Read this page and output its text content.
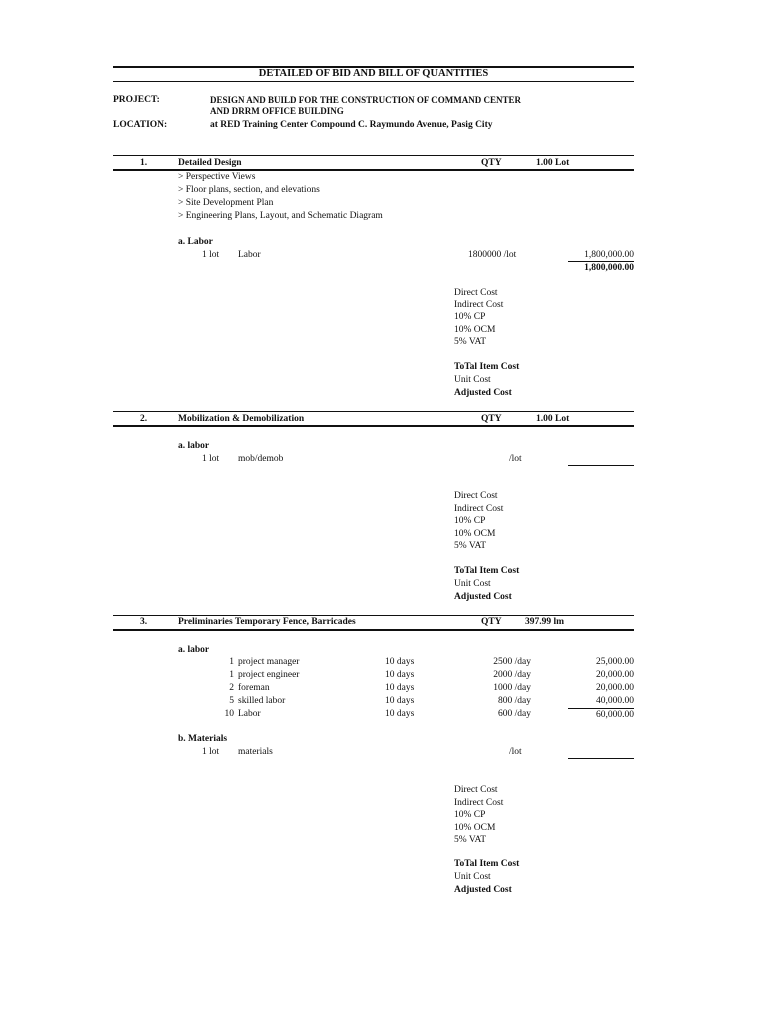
DETAILED OF BID AND BILL OF QUANTITIES
PROJECT:	DESIGN AND BUILD FOR THE CONSTRUCTION OF COMMAND CENTER
AND DRRM OFFICE BUILDING
LOCATION:	at RED Training Center Compound C. Raymundo Avenue, Pasig City
1.	Detailed Design	QTY	1.00 Lot
> Perspective Views
> Floor plans, section, and elevations
> Site Development Plan
> Engineering Plans, Layout, and Schematic Diagram
a. Labor
1 lot Labor	1800000 /lot	1,800,000.00
1,800,000.00
Direct Cost
Indirect Cost
10% CP
10% OCM
5% VAT
ToTal Item Cost
Unit Cost
Adjusted Cost
2.	Mobilization & Demobilization	QTY	1.00 Lot
a. labor
1 lot mob/demob	/lot
Direct Cost
Indirect Cost
10% CP
10% OCM
5% VAT
ToTal Item Cost
Unit Cost
Adjusted Cost
3.	Preliminaries Temporary Fence, Barricades	QTY 397.99 lm
a. labor
1 project manager	10 days	2500 /day	25,000.00
1 project engineer	10 days	2000 /day	20,000.00
2 foreman	10 days	1000 /day	20,000.00
5 skilled labor	10 days	800 /day	40,000.00
10 Labor	10 days	600 /day	60,000.00
b. Materials
1 lot materials	/lot
Direct Cost
Indirect Cost
10% CP
10% OCM
5% VAT
ToTal Item Cost
Unit Cost
Adjusted Cost
